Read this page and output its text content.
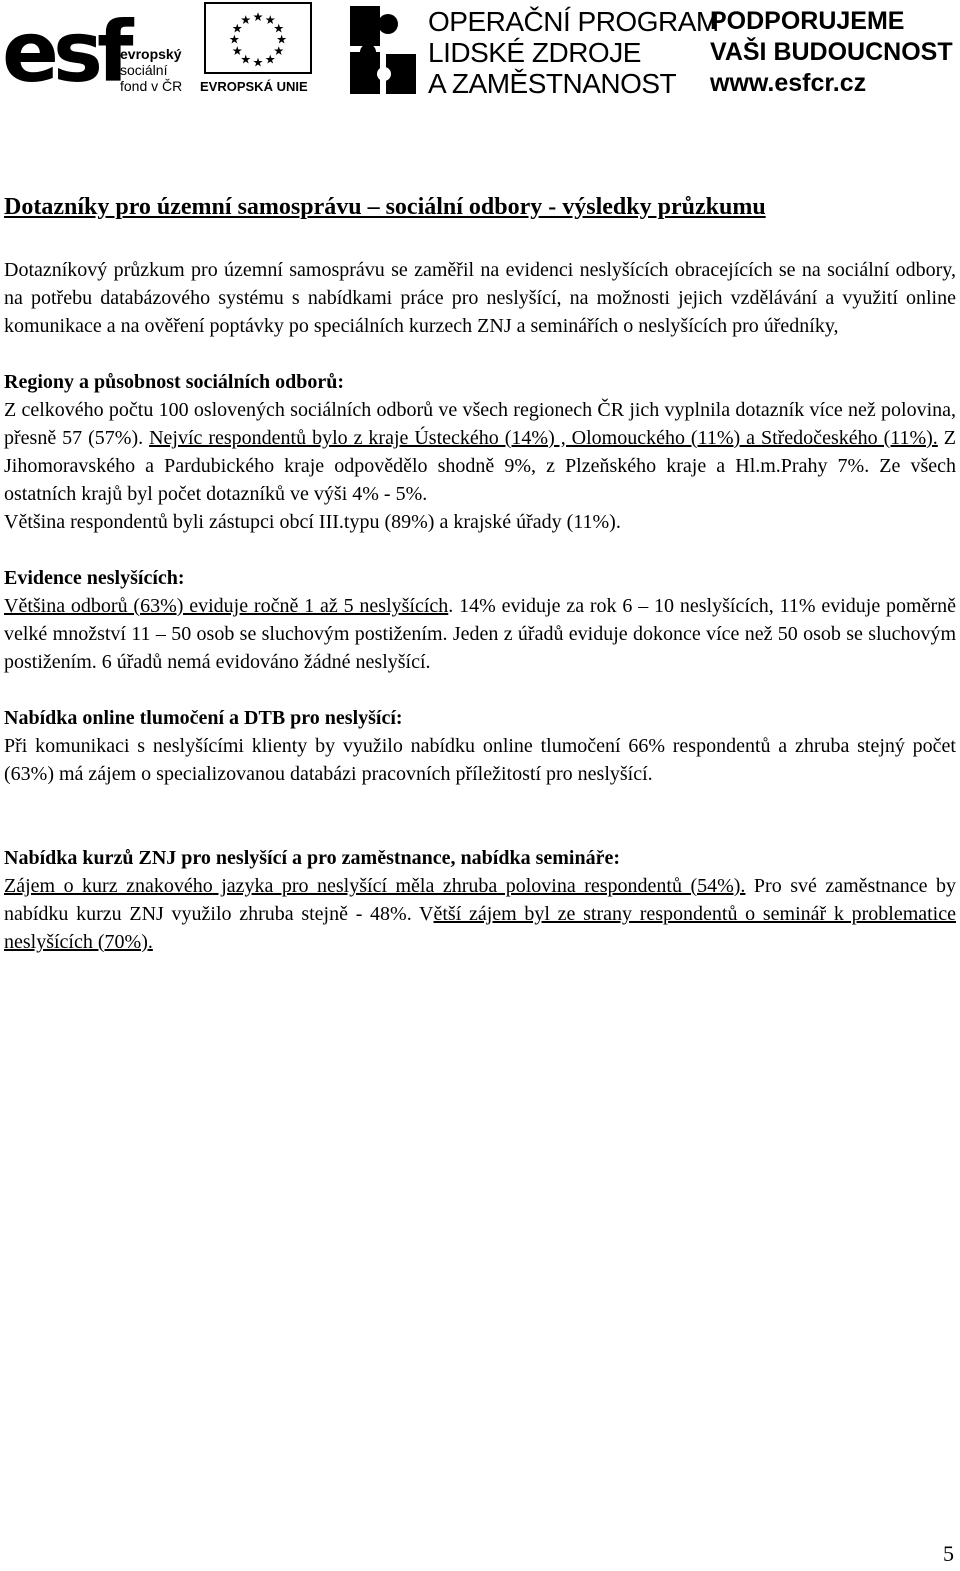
esf
evropský
sociální
fond v ČR
★ ★
★
★
★
★
★
★
★
★
★
★
EVROPSKÁ UNIE
OPERAČNÍ PROGRAM
LIDSKÉ ZDROJE
A ZAMĚSTNANOST
PODPORUJEME
VAŠI BUDOUCNOST
www.esfcr.cz
Dotazníky pro územní samosprávu – sociální odbory - výsledky průzkumu

Dotazníkový průzkum pro územní samosprávu se zaměřil na evidenci neslyšících obracejících se na sociální odbory, na potřebu databázového systému s nabídkami práce pro neslyšící, na možnosti jejich vzdělávání a využití online komunikace a na ověření poptávky po speciálních kurzech ZNJ a seminářích o neslyšících pro úředníky,

Regiony a působnost sociálních odborů:

Z celkového počtu 100 oslovených sociálních odborů ve všech regionech ČR jich vyplnila dotazník více než polovina, přesně 57 (57%). Nejvíc respondentů bylo z kraje Ústeckého (14%) , Olomouckého (11%) a Středočeského (11%). Z Jihomoravského a Pardubického kraje odpovědělo shodně 9%, z Plzeňského kraje a Hl.m.Prahy 7%. Ze všech ostatních krajů byl počet dotazníků ve výši 4% - 5%.

Většina respondentů byli zástupci obcí III.typu (89%) a krajské úřady (11%).

Evidence neslyšících:

Většina odborů (63%) eviduje ročně 1 až 5 neslyšících. 14% eviduje za rok 6 – 10 neslyšících, 11% eviduje poměrně velké množství 11 – 50 osob se sluchovým postižením. Jeden z úřadů eviduje dokonce více než 50 osob se sluchovým postižením. 6 úřadů nemá evidováno žádné neslyšící.

Nabídka online tlumočení a DTB pro neslyšící:

Při komunikaci s neslyšícími klienty by využilo nabídku online tlumočení 66% respondentů a zhruba stejný počet (63%) má zájem o specializovanou databázi pracovních příležitostí pro neslyšící.

Nabídka kurzů ZNJ pro neslyšící a pro zaměstnance, nabídka semináře:

Zájem o kurz znakového jazyka pro neslyšící měla zhruba polovina respondentů (54%). Pro své zaměstnance by nabídku kurzu ZNJ využilo zhruba stejně - 48%. Větší zájem byl ze strany respondentů o seminář k problematice neslyšících (70%).

5
